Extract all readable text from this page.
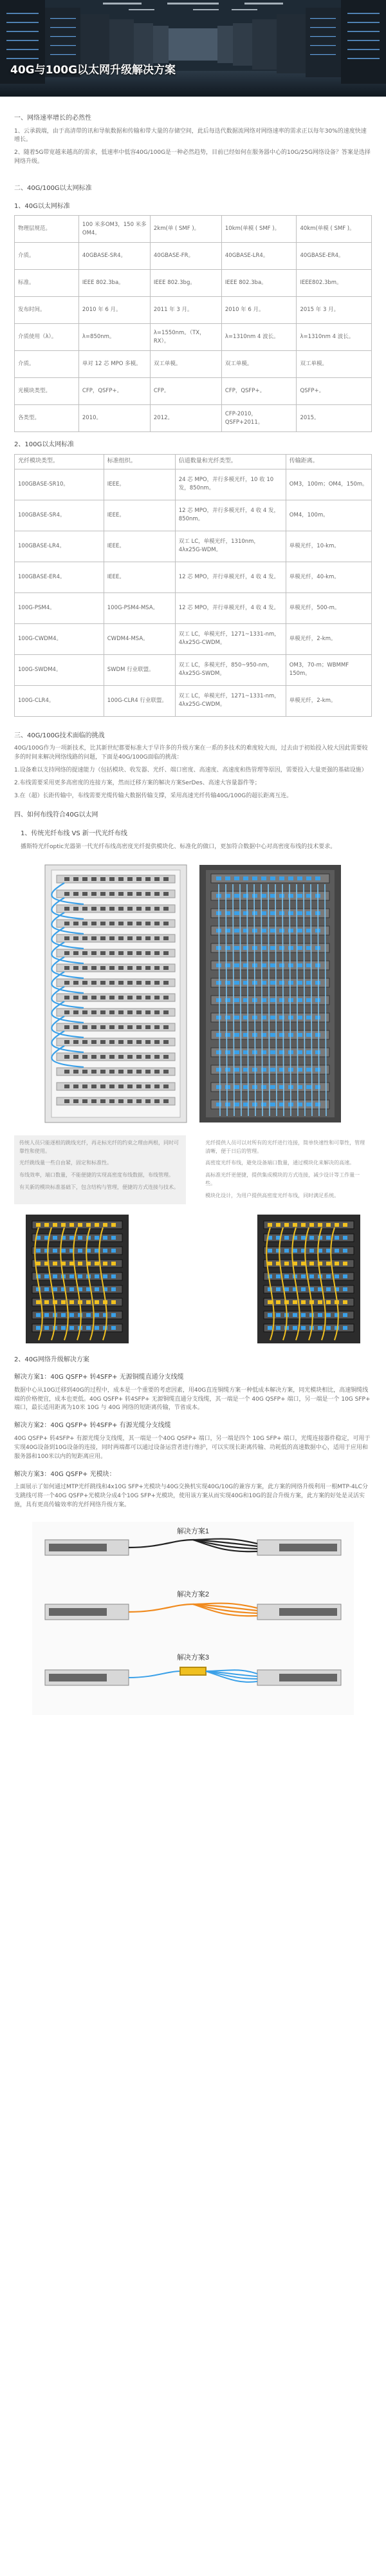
40G与100G以太网升级解决方案
一、网络速率增长的必然性

1、云承载端，由于高清带的讯和导航数据和传输和带大量的存储空间，此后每迭代数据流网络对网络速率的需求正以每年30%的速度快速增长。

2、随着5G带宽越来越高的需求，低速率中低容40G/100G是一种必然趋势，目前已经如何在服务器中心的10G/25G网络设备？答案是选择网络升级。

二、40G/100G以太网标准
1、40G以太网标准
物理层规范。	100 米多OM3，150 米多OM4。	2km(单 ( SMF )。	10km(单模 ( SMF )。	40km(单模 ( SMF )。
介质。	40GBASE-SR4。	40GBASE-FR。	40GBASE-LR4。	40GBASE-ER4。
标准。	IEEE 802.3ba。	IEEE 802.3bg。	IEEE 802.3ba。	IEEE802.3bm。
发布时间。	2010 年 6 月。	2011 年 3 月。	2010 年 6 月。	2015 年 3 月。
介质使用（λ）。	λ=850nm。	λ=1550nm。（TX，RX）。	λ=1310nm 4 波长。	λ=1310nm 4 波长。
介质。	单对 12 芯 MPO 多模。	双工单模。	双工单模。	双工单模。
光模块类型。	CFP，QSFP+。	CFP。	CFP，QSFP+。	QSFP+。
各类型。	2010。	2012。	CFP-2010，QSFP+2011。	2015。
2、100G以太网标准
光纤模块类型。	标准组织。	信道数量和光纤类型。	传输距离。
100GBASE-SR10。	IEEE。	24 芯 MPO，并行多模光纤，10 收 10 发，850nm。	OM3，100m；OM4，150m。
100GBASE-SR4。	IEEE。	12 芯 MPO，并行多模光纤，4 收 4 发，850nm。	OM4，100m。
100GBASE-LR4。	IEEE。	双工 LC，单模光纤，1310nm，4λx25G-WDM。	单模光纤，10-km。
100GBASE-ER4。	IEEE。	12 芯 MPO，并行单模光纤，4 收 4 发。	单模光纤，40-km。
100G-PSM4。	100G-PSM4-MSA。	12 芯 MPO，并行单模光纤，4 收 4 发。	单模光纤，500-m。
100G-CWDM4。	CWDM4-MSA。	双工 LC，单模光纤，1271~1331-nm，4λx25G-CWDM。	单模光纤，2-km。
100G-SWDM4。	SWDM 行业联盟。	双工 LC，多模光纤，850~950-nm，4λx25G-SWDM。	OM3，70-m；WBMMF 150m。
100G-CLR4。	100G-CLR4 行业联盟。	双工 LC，单模光纤，1271~1331-nm，4λx25G-CWDM。	单模光纤，2-km。
三、40G/100G技术面临的挑战

40G/100G作为一项新技术，比其新世纪都要标准大于早许多的升级方案在一系的多技术的难度较大而，过去由于初始投入较大因此需要较多的时间来解决网络线路的问题，下面是40G/100G面临的挑战：

1.设备难以支持网络的提速能力（包括模块、收发器、光纤、端口密度、高速度、高速度和热管理等原因，需要投入大量更强的基础设施）

2.布线需要采用更多高密度的连接方案，然而迁移方案的解决方案SerDes、高速大容量器件等；

3.在（超）长距传输中，布线需要光缆传输大数据传输支撑，采用高速光纤传输40G/100G的超长距离互连。

四、如何布线符合40G以太网
1、传统光纤布线 VS 新一代光纤布线

播斯特光纤optic光器第一代光纤布线高密度光纤提供模块化、标准化的做口，更加符合数据中心对高密度布线的技术要求。

传统人员只能逐根的跳线光纤，再走标光纤的约束之理由两根，同时可靠性和使用。

光纤跳线量一些自由紧，固定和标准性。

布线效率，端口数量，不能便捷的实现高密度布线数据，布线管理。

有关新的模块标准基础下，包含结构与管理，便捷的方式连接与技术。

光纤提供人员可以对所有的光纤进行连接，简单快速性和可靠性，管理清晰，便于日后的管理。

高密度光纤布线，避免设备端口数量，通过模块化来解决的高速。

高标准光纤更便捷，提供集成模块的方式连接，减少设计等工作量一些。

模块化设计，为用户提供高密度光纤布线，同时满足系统。

2、40G网络升级解决方案
解决方案1：40G QSFP+ 转4SFP+ 无源铜缆直通分支线缆

数据中心从10G迁移到40G的过程中，成本是一个重要的考虑因素，用40G直连铜缆方案一种低成本解决方案，同光模块相比，高速铜缆线端的价格便宜，成本也更低。40G QSFP+ 转4SFP+ 无源铜缆直通分支线缆，其一端是一个 40G QSFP+ 端口，另一端是一个 10G SFP+ 端口，最长适用距离为10米 10G 与 40G 网络的短距离传输，节省成本。

解决方案2：40G QSFP+ 转4SFP+ 有源光缆分支线缆

40G QSFP+ 转4SFP+ 有源光缆分支线缆，其一端是一个40G QSFP+ 端口，另一端是四个 10G SFP+ 端口，光缆连接器件稳定，可用于实现40G设备到10G设备的连接，同时两端都可以通过设备运营者进行维护，可以实现长距离传输、功耗低的高速数据中心，适用于应用和服务器和100米以内的短距离应用。

解决方案3：40G QSFP+ 光模块：

上面展示了如何通过MTP光纤跳线和4x10G SFP+光模块与40G交换机实现40G/10G的兼容方案，此方案的网络升级利用一根MTP-4LC分支跳线可将一个40G QSFP+光模块分成4个10G SFP+光模块，使用该方案从而实现40G和10G的混合升级方案，此方案的好处是灵活实施，具有更高传输效率的光纤网络升级方案。

解决方案1
解决方案2
解决方案3
